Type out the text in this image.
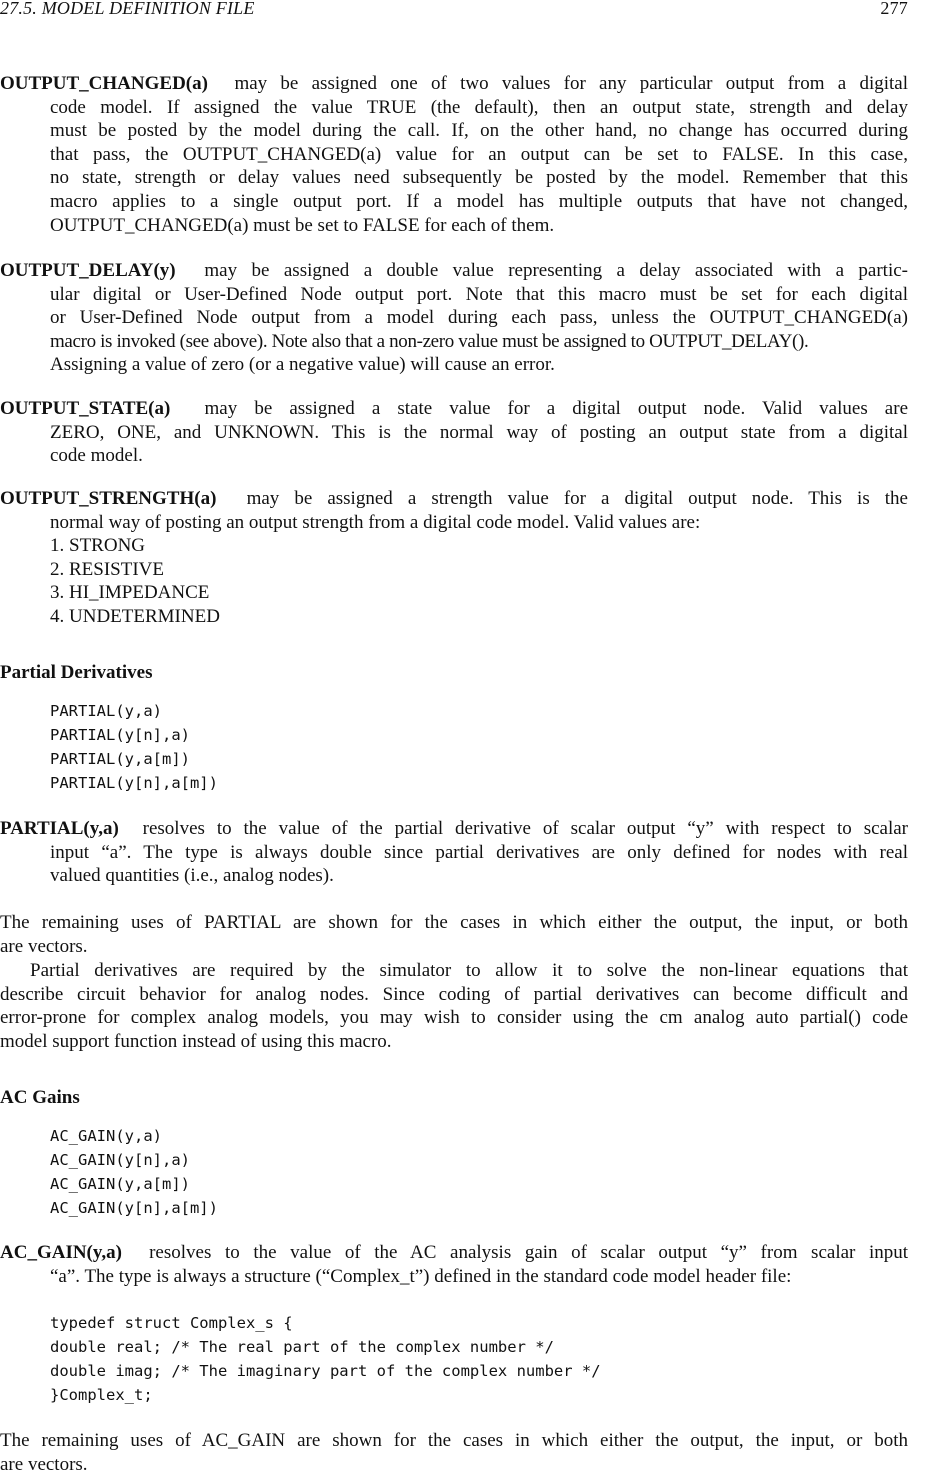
27.5. MODEL DEFINITION FILE	277
OUTPUT_CHANGED(a) may be assigned one of two values for any particular output from a digital
code model. If assigned the value TRUE (the default), then an output state, strength and delay
must be posted by the model during the call. If, on the other hand, no change has occurred during
that pass, the OUTPUT_CHANGED(a) value for an output can be set to FALSE. In this case,
no state, strength or delay values need subsequently be posted by the model. Remember that this
macro applies to a single output port. If a model has multiple outputs that have not changed,
OUTPUT_CHANGED(a) must be set to FALSE for each of them.
OUTPUT_DELAY(y) may be assigned a double value representing a delay associated with a partic-
ular digital or User-Defined Node output port. Note that this macro must be set for each digital
or User-Defined Node output from a model during each pass, unless the OUTPUT_CHANGED(a)
macro is invoked (see above). Note also that a non-zero value must be assigned to OUTPUT_DELAY().
Assigning a value of zero (or a negative value) will cause an error.
OUTPUT_STATE(a) may be assigned a state value for a digital output node. Valid values are
ZERO, ONE, and UNKNOWN. This is the normal way of posting an output state from a digital
code model.
OUTPUT_STRENGTH(a) may be assigned a strength value for a digital output node. This is the
normal way of posting an output strength from a digital code model. Valid values are:
1. STRONG
2. RESISTIVE
3. HI_IMPEDANCE
4. UNDETERMINED
Partial Derivatives
PARTIAL(y,a)
PARTIAL(y[n],a)
PARTIAL(y,a[m])
PARTIAL(y[n],a[m])
PARTIAL(y,a) resolves to the value of the partial derivative of scalar output “y” with respect to scalar
input “a”. The type is always double since partial derivatives are only defined for nodes with real
valued quantities (i.e., analog nodes).
The remaining uses of PARTIAL are shown for the cases in which either the output, the input, or both
are vectors.
Partial derivatives are required by the simulator to allow it to solve the non-linear equations that
describe circuit behavior for analog nodes. Since coding of partial derivatives can become difficult and
error-prone for complex analog models, you may wish to consider using the cm analog auto partial() code
model support function instead of using this macro.
AC Gains
AC_GAIN(y,a)
AC_GAIN(y[n],a)
AC_GAIN(y,a[m])
AC_GAIN(y[n],a[m])
AC_GAIN(y,a) resolves to the value of the AC analysis gain of scalar output “y” from scalar input
“a”. The type is always a structure (“Complex_t”) defined in the standard code model header file:
typedef struct Complex_s {
double real; /* The real part of the complex number */
double imag; /* The imaginary part of the complex number */
}Complex_t;
The remaining uses of AC_GAIN are shown for the cases in which either the output, the input, or both
are vectors.
